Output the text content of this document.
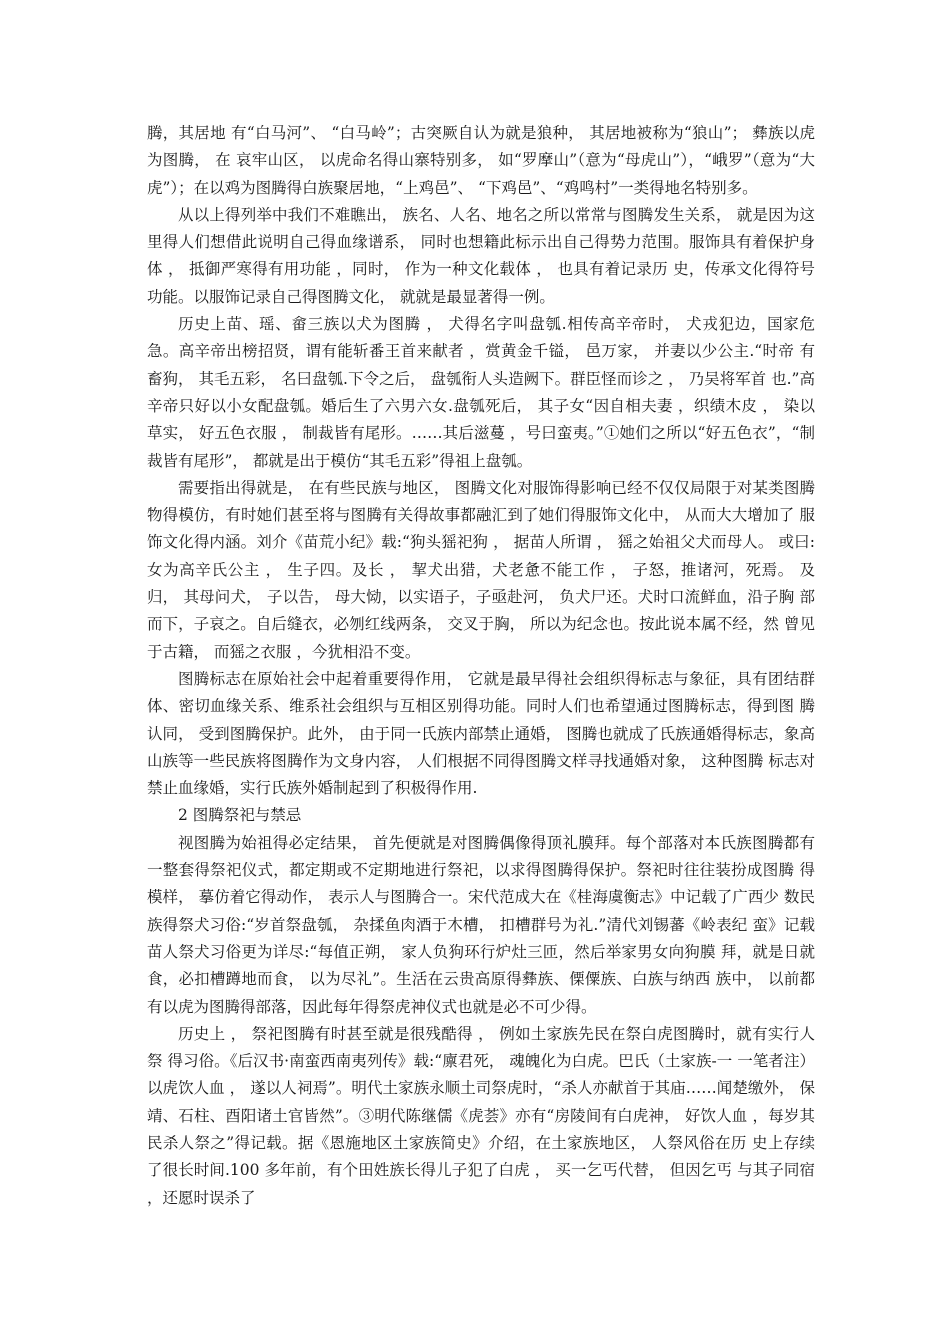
腾，其居地 有“白马河”、 “白马岭”；古突厥自认为就是狼种， 其居地被称为“狼山”； 彝族以虎为图腾， 在 哀牢山区， 以虎命名得山寨特别多， 如“罗摩山”（意为“母虎山”），“峨罗”（意为“大虎”）；在以鸡为图腾得白族聚居地，“上鸡邑”、 “下鸡邑”、“鸡鸣村”一类得地名特别多。

从以上得列举中我们不难瞧出， 族名、人名、地名之所以常常与图腾发生关系， 就是因为这 里得人们想借此说明自己得血缘谱系， 同时也想籍此标示出自己得势力范围。服饰具有着保护身体 ， 抵御严寒得有用功能 ，同时， 作为一种文化载体 ， 也具有着记录历 史，传承文化得符号功能。以服饰记录自己得图腾文化， 就就是最显著得一例。

历史上苗、瑶、畲三族以犬为图腾 ， 犬得名字叫盘瓠.相传高辛帝时， 犬戎犯边，国家危 急。高辛帝出榜招贤，谓有能斩番王首来献者 ，赏黄金千镒， 邑万家， 并妻以少公主.“时帝 有畜狗， 其毛五彩， 名曰盘瓠.下令之后， 盘瓠衔人头造阙下。群臣怪而诊之 ， 乃吴将军首 也.”高辛帝只好以小女配盘瓠。婚后生了六男六女.盘瓠死后， 其子女“因自相夫妻 ，织绩木皮 ， 染以草实， 好五色衣服 ， 制裁皆有尾形。……其后滋蔓 ，号曰蛮夷。”①她们之所以“好五色衣”，“制裁皆有尾形”， 都就是出于模仿“其毛五彩”得祖上盘瓠。

需要指出得就是， 在有些民族与地区， 图腾文化对服饰得影响已经不仅仅局限于对某类图腾 物得模仿，有时她们甚至将与图腾有关得故事都融汇到了她们得服饰文化中， 从而大大增加了 服饰文化得内涵。刘介《苗荒小纪》载:“狗头猺祀狗 ， 据苗人所谓 ， 猺之始祖父犬而母人。 或曰: 女为高辛氏公主 ， 生子四。及长 ， 挈犬出猎，犬老惫不能工作 ， 子怒，推诸河，死焉。 及归， 其母问犬， 子以告， 母大恸，以实语子，子亟赴河， 负犬尸还。犬时口流鲜血，沿子胸 部而下，子哀之。自后缝衣，必刎红线两条， 交叉于胸， 所以为纪念也。按此说本属不经，然 曾见于古籍， 而猺之衣服 ，今犹相沿不变。

图腾标志在原始社会中起着重要得作用， 它就是最早得社会组织得标志与象征，具有团结群 体、密切血缘关系、维系社会组织与互相区别得功能。同时人们也希望通过图腾标志，得到图 腾认同， 受到图腾保护。此外， 由于同一氏族内部禁止通婚， 图腾也就成了氏族通婚得标志，象高山族等一些民族将图腾作为文身内容， 人们根据不同得图腾文样寻找通婚对象， 这种图腾 标志对禁止血缘婚，实行氏族外婚制起到了积极得作用.

2 图腾祭祀与禁忌

视图腾为始祖得必定结果， 首先便就是对图腾偶像得顶礼膜拜。每个部落对本氏族图腾都有 一整套得祭祀仪式，都定期或不定期地进行祭祀，以求得图腾得保护。祭祀时往往装扮成图腾 得模样， 摹仿着它得动作， 表示人与图腾合一。宋代范成大在《桂海虞衡志》中记载了广西少 数民族得祭犬习俗:“岁首祭盘瓠， 杂揉鱼肉酒于木槽， 扣槽群号为礼.”清代刘锡蕃《岭表纪 蛮》记载苗人祭犬习俗更为详尽:“每值正朔， 家人负狗环行炉灶三匝，然后举家男女向狗膜 拜，就是日就食，必扣槽蹲地而食， 以为尽礼”。生活在云贵高原得彝族、傈僳族、白族与纳西 族中， 以前都有以虎为图腾得部落，因此每年得祭虎神仪式也就是必不可少得。

历史上 ， 祭祀图腾有时甚至就是很残酷得 ， 例如土家族先民在祭白虎图腾时，就有实行人祭 得习俗。《后汉书·南蛮西南夷列传》载:“廪君死， 魂魄化为白虎。巴氏（土家族-一 一笔者注）以虎饮人血 ， 遂以人祠焉”。明代土家族永顺土司祭虎时，“杀人亦献首于其庙……闻楚缴外， 保靖、石柱、酉阳诸土官皆然”。③明代陈继儒《虎荟》亦有“房陵间有白虎神， 好饮人血 ，每岁其民杀人祭之”得记载。据《恩施地区土家族简史》介绍，在土家族地区， 人祭风俗在历 史上存续了很长时间.100 多年前，有个田姓族长得儿子犯了白虎 ， 买一乞丐代替， 但因乞丐 与其子同宿 ，还愿时误杀了
